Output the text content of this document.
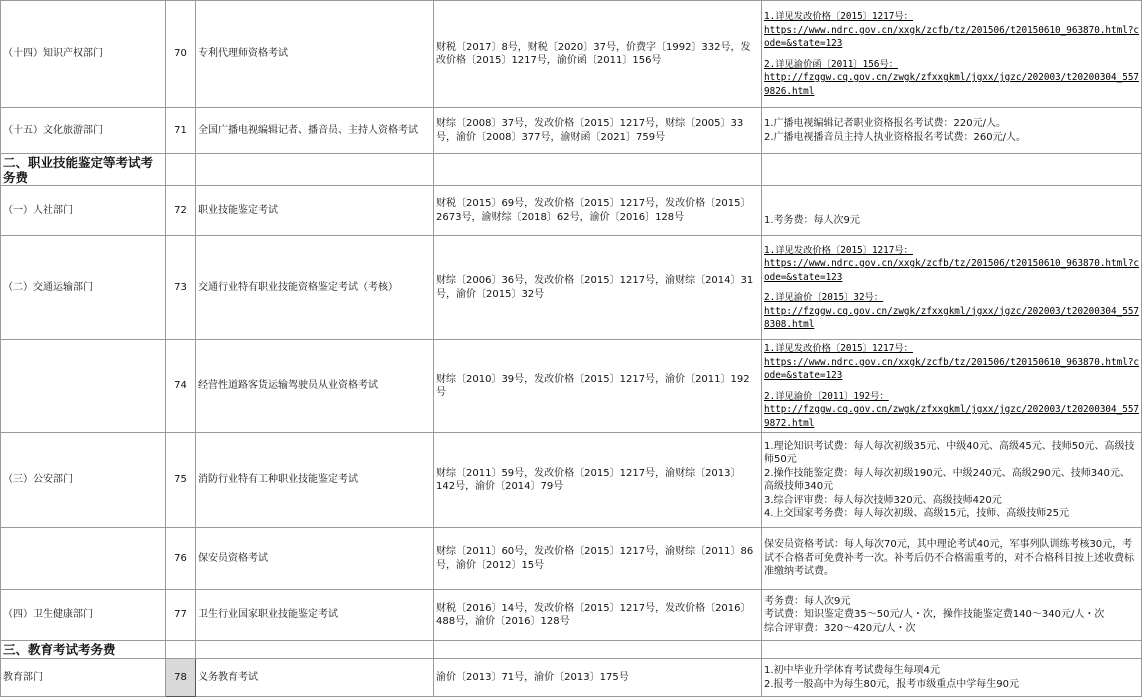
（十四）知识产权部门	70	专利代理师资格考试	财税〔2017〕8号，财税〔2020〕37号，价费字〔1992〕332号，发改价格〔2015〕1217号，渝价函〔2011〕156号	1.详见发改价格〔2015〕1217号：
https://www.ndrc.gov.cn/xxgk/zcfb/tz/201506/t20150610_963870.html?code=&state=123
2.详见渝价函〔2011〕156号：
http://fzggw.cq.gov.cn/zwgk/zfxxgkml/jgxx/jgzc/202003/t20200304_5579826.html

（十五）文化旅游部门	71	全国广播电视编辑记者、播音员、主持人资格考试	财综〔2008〕37号，发改价格〔2015〕1217号，财综〔2005〕33号，渝价〔2008〕377号，渝财函〔2021〕759号	1.广播电视编辑记者职业资格报名考试费：220元/人。
2.广播电视播音员主持人执业资格报名考试费：260元/人。

二、职业技能鉴定等考试考务费				
（一）人社部门	72	职业技能鉴定考试	财税〔2015〕69号，发改价格〔2015〕1217号，发改价格〔2015〕2673号，渝财综〔2018〕62号，渝价〔2016〕128号	1.考务费：每人次9元

（二）交通运输部门	73	交通行业特有职业技能资格鉴定考试（考核）	财综〔2006〕36号，发改价格〔2015〕1217号，渝财综〔2014〕31号，渝价〔2015〕32号	1.详见发改价格〔2015〕1217号：
https://www.ndrc.gov.cn/xxgk/zcfb/tz/201506/t20150610_963870.html?code=&state=123
2.详见渝价〔2015〕32号：
http://fzggw.cq.gov.cn/zwgk/zfxxgkml/jgxx/jgzc/202003/t20200304_5578308.html

	74	经营性道路客货运输驾驶员从业资格考试	财综〔2010〕39号，发改价格〔2015〕1217号，渝价〔2011〕192号	1.详见发改价格〔2015〕1217号：
https://www.ndrc.gov.cn/xxgk/zcfb/tz/201506/t20150610_963870.html?code=&state=123
2.详见渝价〔2011〕192号：
http://fzggw.cq.gov.cn/zwgk/zfxxgkml/jgxx/jgzc/202003/t20200304_5579872.html

（三）公安部门	75	消防行业特有工种职业技能鉴定考试	财综〔2011〕59号，发改价格〔2015〕1217号，渝财综〔2013〕142号，渝价〔2014〕79号	1.理论知识考试费：每人每次初级35元、中级40元、高级45元、技师50元、高级技师50元
2.操作技能鉴定费：每人每次初级190元、中级240元、高级290元、技师340元、高级技师340元
3.综合评审费：每人每次技师320元、高级技师420元
4.上交国家考务费：每人每次初级、高级15元，技师、高级技师25元

	76	保安员资格考试	财综〔2011〕60号，发改价格〔2015〕1217号，渝财综〔2011〕86号，渝价〔2012〕15号	保安员资格考试：每人每次70元，其中理论考试40元，军事列队训练考核30元，考试不合格者可免费补考一次。补考后仍不合格需重考的，对不合格科目按上述收费标准缴纳考试费。

（四）卫生健康部门	77	卫生行业国家职业技能鉴定考试	财税〔2016〕14号，发改价格〔2015〕1217号，发改价格〔2016〕488号，渝价〔2016〕128号	考务费：每人次9元
考试费：知识鉴定费35～50元/人・次，操作技能鉴定费140～340元/人・次
综合评审费：320～420元/人・次

三、教育考试考务费				
教育部门	78	义务教育考试	渝价〔2013〕71号，渝价〔2013〕175号	1.初中毕业升学体育考试费每生每项4元
2.报考一般高中为每生80元，报考市级重点中学每生90元
